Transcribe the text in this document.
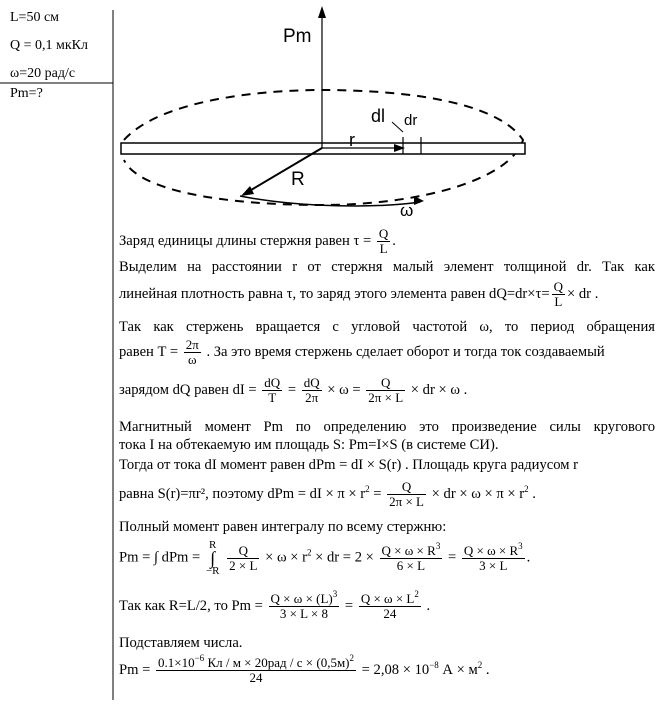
L=50 см
Q = 0,1 мкКл
ω=20 рад/с
Pm=?
Pm
dl dr
r
R
ω
Заряд единицы длины стержня равен $\tau = \frac{Q}{L}$ .
Выделим на расстоянии r от стержня малый элемент толщиной dr. Так как
линейная плотность равна τ, то заряд этого элемента равен $dQ=dr\times\tau= \frac{Q}{L}$ × dr .
Так как стержень вращается с угловой частотой ω, то период обращения
равен $T = \frac{2\pi}{\omega}$ . За это время стержень сделает оборот и тогда ток создаваемый
зарядом dQ равен dI = $\frac{dQ}{T} = \frac{dQ}{2\pi} \times \omega = \frac{Q}{2\pi \times L}$ × dr × ω .
Магнитный момент Pm по определению это произведение силы кругового
тока I на обтекаемую им площадь S: Pm=I×S (в системе СИ).
Тогда от тока dI момент равен dPm = dI × S(r) . Площадь круга радиусом r
равна S(r)=πr², поэтому dPm = dI × $\pi \times r^2 = \frac{Q}{2\pi \times L}$ × dr × $\omega \times \pi \times r^2$ .
Полный момент равен интегралу по всему стержню:
Pm = ∫ dPm = R
∫
$-R \frac{Q}{2 \times L} \times \omega \times r^2$ × dr = $2 \times \frac{Q \times \omega \times R^3}{6 \times L} = \frac{Q \times \omega \times R^3}{3 \times L}$ .
Так как R=L/2, то $Pm = \frac{Q \times \omega \times (L)^3}{3 \times L \times 8} = \frac{Q \times \omega \times L^2}{24}$ .
Подставляем числа.
$Pm = \frac{0.1\times 10^{-6} Кл / м \times 20рад / с \times (0,5м)^2}{24} = 2,08 \times 10^{-8}$ $А \times м^2$ .
